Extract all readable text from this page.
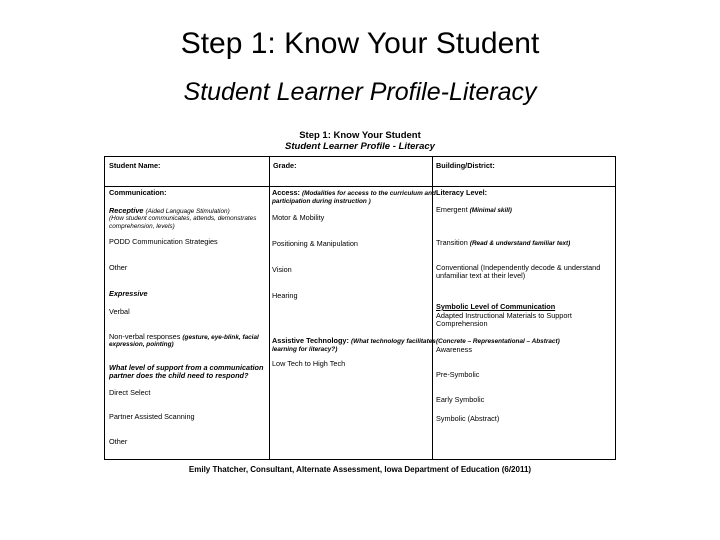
Step 1: Know Your Student
Student Learner Profile-Literacy
Step 1: Know Your Student
Student Learner Profile - Literacy
Student Name:	Grade:	Building/District:
Communication:
Receptive (Aided Language Stimulation)
(How student communicates, attends, demonstrates
comprehension, levels)
PODD Communication Strategies
Other
Expressive
Verbal
Non-verbal responses (gesture, eye-blink, facial
expression, pointing)
What level of support from a communication
partner does the child need to respond?
Direct Select
Partner Assisted Scanning
Other
Access: (Modalities for access to the curriculum and
participation during instruction )
Motor & Mobility
Positioning & Manipulation
Vision
Hearing
Assistive Technology: (What technology facilitates
learning for literacy?)
Low Tech to High Tech
Literacy Level:
Emergent (Minimal skill)
Transition (Read & understand familiar text)
Conventional (Independently decode & understand
unfamiliar text at their level)
Symbolic Level of Communication
Adapted Instructional Materials to Support
Comprehension
(Concrete – Representational – Abstract)
Awareness
Pre-Symbolic
Early Symbolic
Symbolic (Abstract)
Emily Thatcher, Consultant, Alternate Assessment, Iowa Department of Education (6/2011)
